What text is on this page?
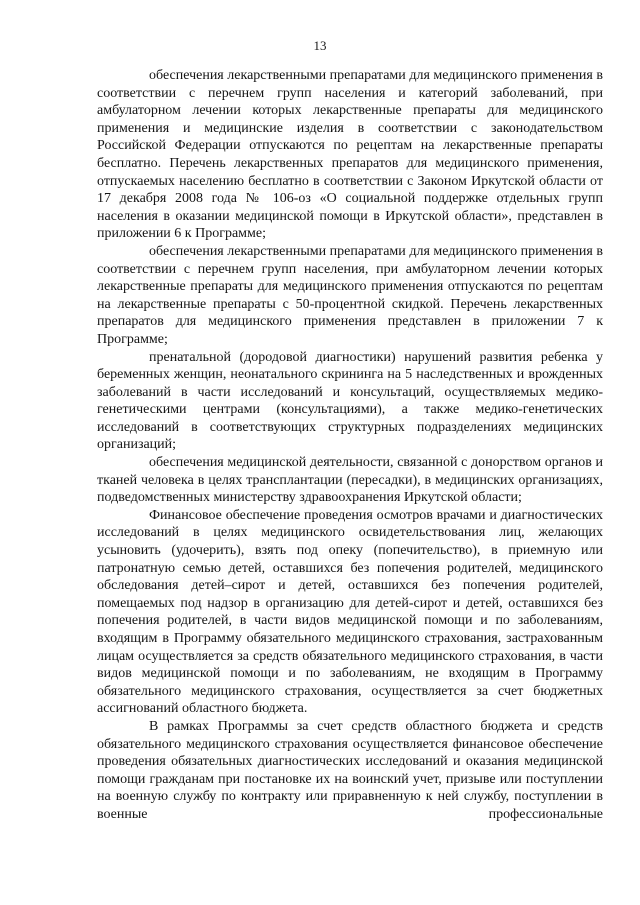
13

обеспечения лекарственными препаратами для медицинского применения в соответствии с перечнем групп населения и категорий заболеваний, при амбулаторном лечении которых лекарственные препараты для медицинского применения и медицинские изделия в соответствии с законодательством Российской Федерации отпускаются по рецептам на лекарственные препараты бесплатно. Перечень лекарственных препаратов для медицинского применения, отпускаемых населению бесплатно в соответствии с Законом Иркутской области от 17 декабря 2008 года № 106-оз «О социальной поддержке отдельных групп населения в оказании медицинской помощи в Иркутской области», представлен в приложении 6 к Программе;

обеспечения лекарственными препаратами для медицинского применения в соответствии с перечнем групп населения, при амбулаторном лечении которых лекарственные препараты для медицинского применения отпускаются по рецептам на лекарственные препараты с 50-процентной скидкой. Перечень лекарственных препаратов для медицинского применения представлен в приложении 7 к Программе;

пренатальной (дородовой диагностики) нарушений развития ребенка у беременных женщин, неонатального скрининга на 5 наследственных и врожденных заболеваний в части исследований и консультаций, осуществляемых медико-генетическими центрами (консультациями), а также медико-генетических исследований в соответствующих структурных подразделениях медицинских организаций;

обеспечения медицинской деятельности, связанной с донорством органов и тканей человека в целях трансплантации (пересадки), в медицинских организациях, подведомственных министерству здравоохранения Иркутской области;

Финансовое обеспечение проведения осмотров врачами и диагностических исследований в целях медицинского освидетельствования лиц, желающих усыновить (удочерить), взять под опеку (попечительство), в приемную или патронатную семью детей, оставшихся без попечения родителей, медицинского обследования детей–сирот и детей, оставшихся без попечения родителей, помещаемых под надзор в организацию для детей-сирот и детей, оставшихся без попечения родителей, в части видов медицинской помощи и по заболеваниям, входящим в Программу обязательного медицинского страхования, застрахованным лицам осуществляется за средств обязательного медицинского страхования, в части видов медицинской помощи и по заболеваниям, не входящим в Программу обязательного медицинского страхования, осуществляется за счет бюджетных ассигнований областного бюджета.

В рамках Программы за счет средств областного бюджета и средств обязательного медицинского страхования осуществляется финансовое обеспечение проведения обязательных диагностических исследований и оказания медицинской помощи гражданам при постановке их на воинский учет, призыве или поступлении на военную службу по контракту или приравненную к ней службу, поступлении в военные профессиональные
